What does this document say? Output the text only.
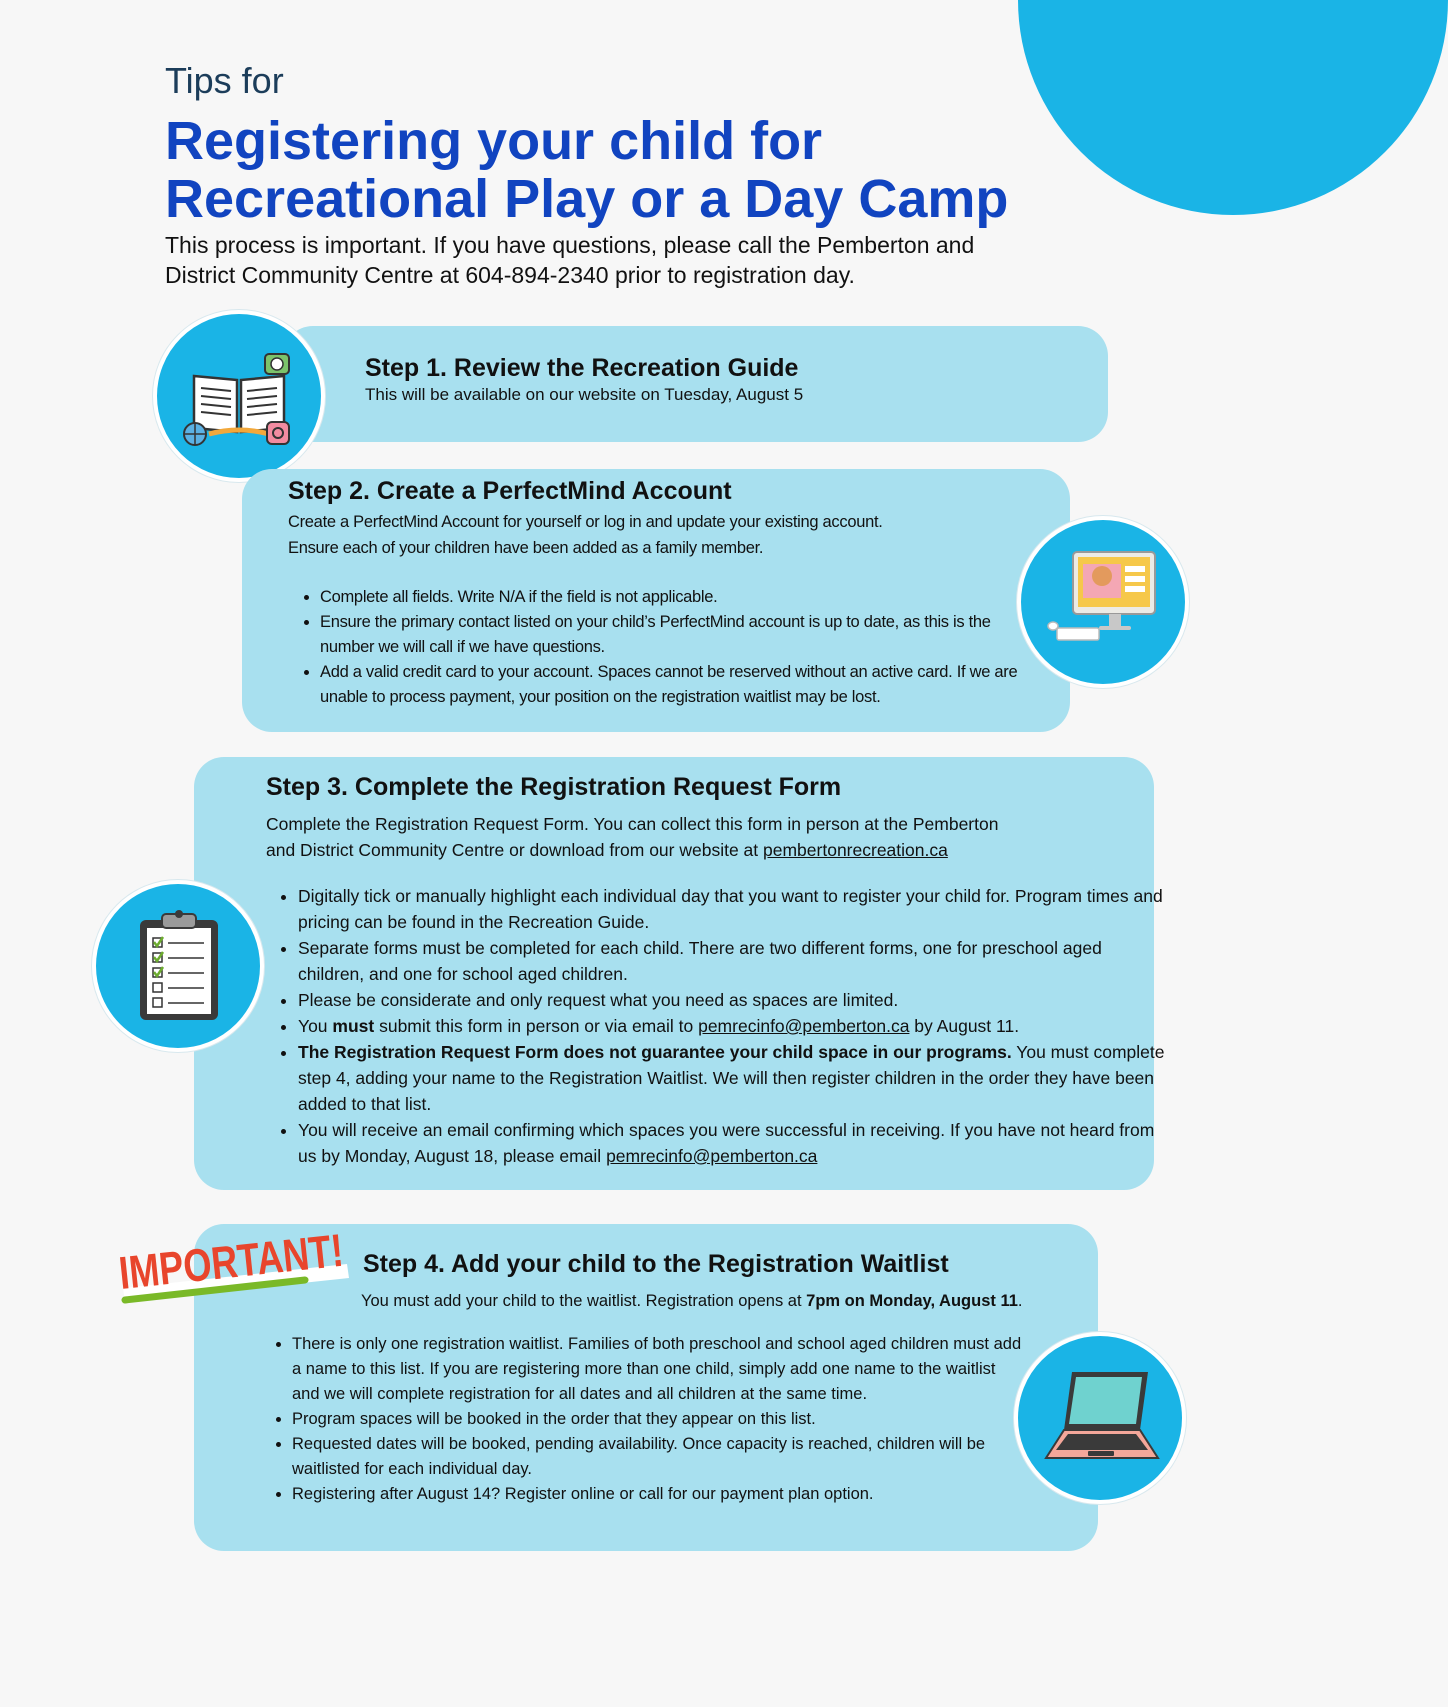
Tips for
Registering your child for
Recreational Play or a Day Camp
This process is important. If you have questions, please call the Pemberton and
District Community Centre at 604-894-2340 prior to registration day.
Step 1. Review the Recreation Guide
This will be available on our website on Tuesday, August 5
Step 2. Create a PerfectMind Account
Create a PerfectMind Account for yourself or log in and update your existing account.
Ensure each of your children have been added as a family member.
• Complete all fields. Write N/A if the field is not applicable.
• Ensure the primary contact listed on your child’s PerfectMind account is up to date, as this is the number we will call if we have questions.
• Add a valid credit card to your account. Spaces cannot be reserved without an active card. If we are unable to process payment, your position on the registration waitlist may be lost.
Step 3. Complete the Registration Request Form
Complete the Registration Request Form. You can collect this form in person at the Pemberton
and District Community Centre or download from our website at pembertonrecreation.ca
• Digitally tick or manually highlight each individual day that you want to register your child for. Program times and pricing can be found in the Recreation Guide.
• Separate forms must be completed for each child. There are two different forms, one for preschool aged children, and one for school aged children.
• Please be considerate and only request what you need as spaces are limited.
• You must submit this form in person or via email to pemrecinfo@pemberton.ca by August 11.
• The Registration Request Form does not guarantee your child space in our programs. You must complete step 4, adding your name to the Registration Waitlist. We will then register children in the order they have been added to that list.
• You will receive an email confirming which spaces you were successful in receiving. If you have not heard from us by Monday, August 18, please email pemrecinfo@pemberton.ca
Step 4. Add your child to the Registration Waitlist
You must add your child to the waitlist. Registration opens at 7pm on Monday, August 11.
• There is only one registration waitlist. Families of both preschool and school aged children must add a name to this list. If you are registering more than one child, simply add one name to the waitlist and we will complete registration for all dates and all children at the same time.
• Program spaces will be booked in the order that they appear on this list.
• Requested dates will be booked, pending availability. Once capacity is reached, children will be waitlisted for each individual day.
• Registering after August 14? Register online or call for our payment plan option.
IMPORTANT!
